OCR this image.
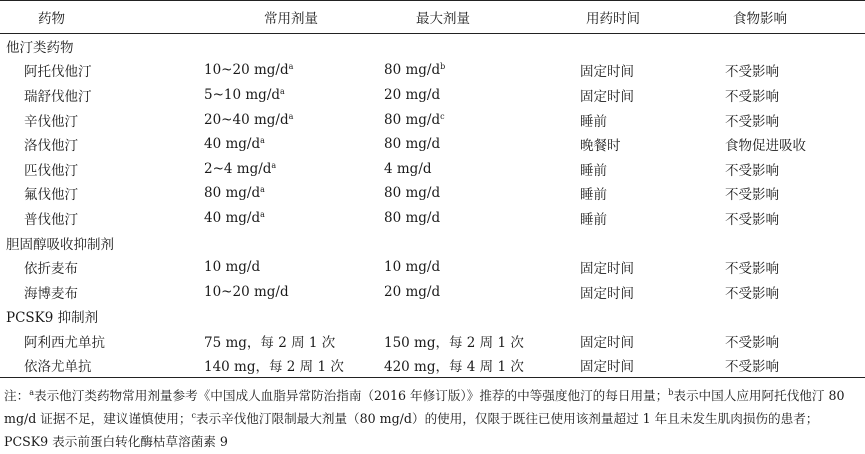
药物	常用剂量	最大剂量	用药时间	食物影响
他汀类药物				
阿托伐他汀	10~20 $mg/d^a$	80 $mg/d^b$	固定时间	不受影响
瑞舒伐他汀	5~10 $mg/d^a$	20 mg/d	固定时间	不受影响
辛伐他汀	20~40 $mg/d^a$	80 $mg/d^c$	睡前	不受影响
洛伐他汀	40 $mg/d^a$	80 mg/d	晚餐时	食物促进吸收
匹伐他汀	2~4 $mg/d^a$	4 mg/d	睡前	不受影响
氟伐他汀	80 $mg/d^a$	80 mg/d	睡前	不受影响
普伐他汀	40 $mg/d^a$	80 mg/d	睡前	不受影响
胆固醇吸收抑制剂				
依折麦布	10 mg/d	10 mg/d	固定时间	不受影响
海博麦布	10~20 mg/d	20 mg/d	固定时间	不受影响
PCSK9 抑制剂				
阿利西尤单抗	75 mg，每 2 周 1 次	150 mg，每 2 周 1 次	固定时间	不受影响
依洛尤单抗	140 mg，每 2 周 1 次	420 mg，每 4 周 1 次	固定时间	不受影响

注：$^a$表示他汀类药物常用剂量参考《中国成人血脂异常防治指南（2016 年修订版）》推荐的中等强度他汀的每日用量；$^b$表示中国人应用阿托伐他汀 80 mg/d 证据不足，建议谨慎使用；$^c$表示辛伐他汀限制最大剂量（80 mg/d）的使用，仅限于既往已使用该剂量超过 1 年且未发生肌肉损伤的患者；PCSK9 表示前蛋白转化酶枯草溶菌素 9
